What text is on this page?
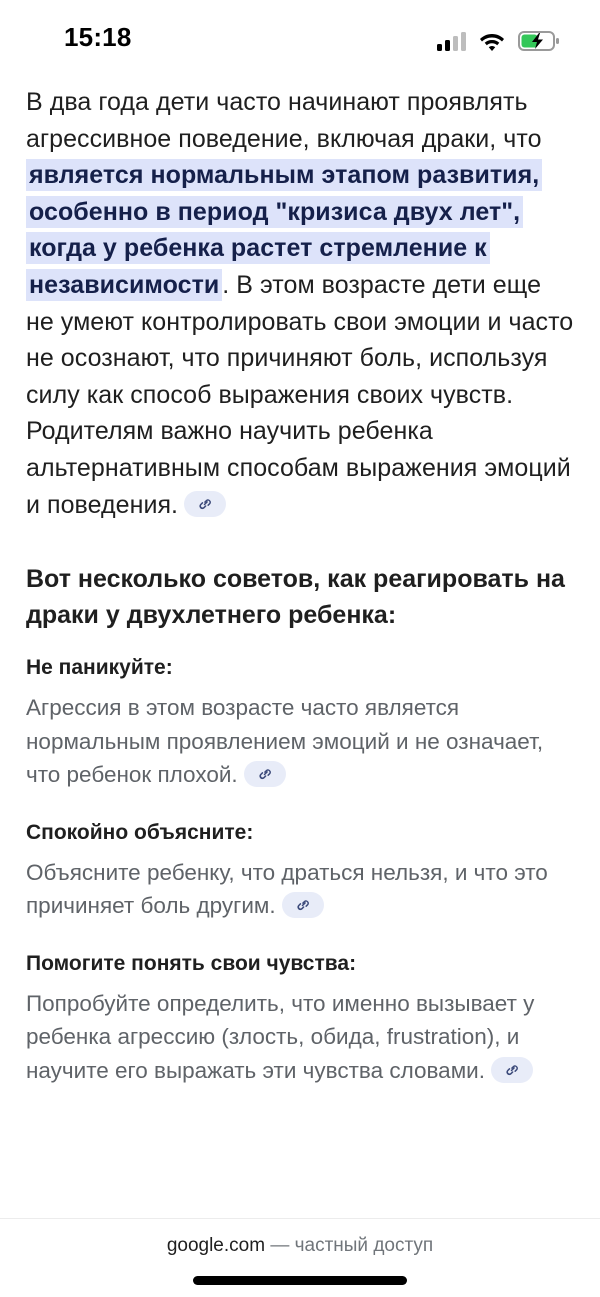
15:18

В два года дети часто начинают проявлять агрессивное поведение, включая драки, что является нормальным этапом развития, особенно в период "кризиса двух лет", когда у ребенка растет стремление к независимости . В этом возрасте дети еще не умеют контролировать свои эмоции и часто не осознают, что причиняют боль, используя силу как способ выражения своих чувств. Родителям важно научить ребенка альтернативным способам выражения эмоций и поведения.

Вот несколько советов, как реагировать на драки у двухлетнего ребенка:
Не паникуйте:

Агрессия в этом возрасте часто является нормальным проявлением эмоций и не означает, что ребенок плохой.

Спокойно объясните:

Объясните ребенку, что драться нельзя, и что это причиняет боль другим.

Помогите понять свои чувства:

Попробуйте определить, что именно вызывает у ребенка агрессию (злость, обида, frustration), и научите его выражать эти чувства словами.

google.com — частный доступ
